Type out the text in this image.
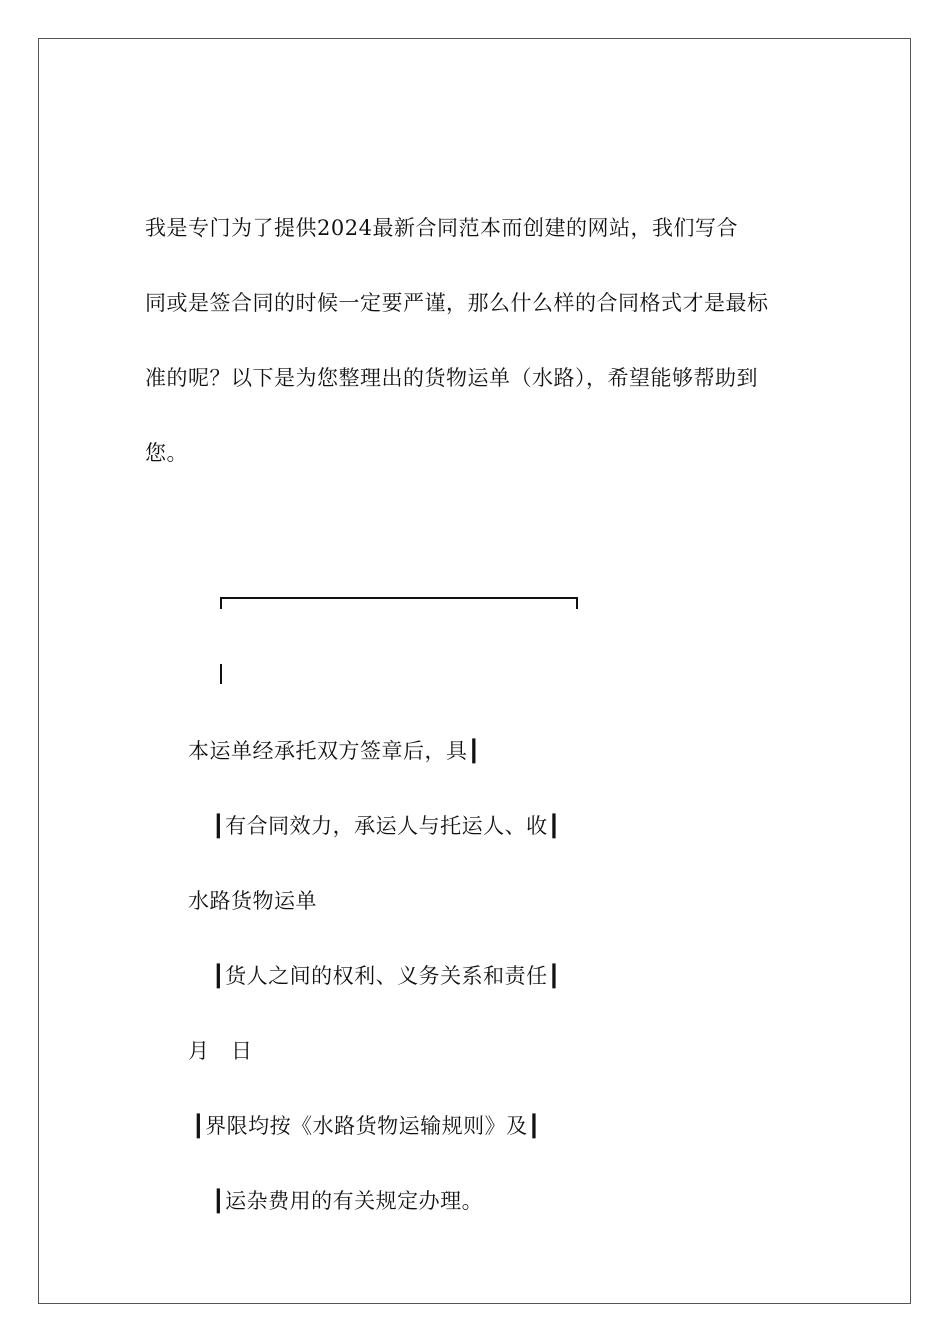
我是专门为了提供2024最新合同范本而创建的网站，我们写合
同或是签合同的时候一定要严谨，那么什么样的合同格式才是最标
准的呢？以下是为您整理出的货物运单（水路），希望能够帮助到
您。
本运单经承托双方签章后，具┃
┃有合同效力，承运人与托运人、收┃
水路货物运单
┃货人之间的权利、义务关系和责任┃
月　日
┃界限均按《水路货物运输规则》及┃
┃运杂费用的有关规定办理。
